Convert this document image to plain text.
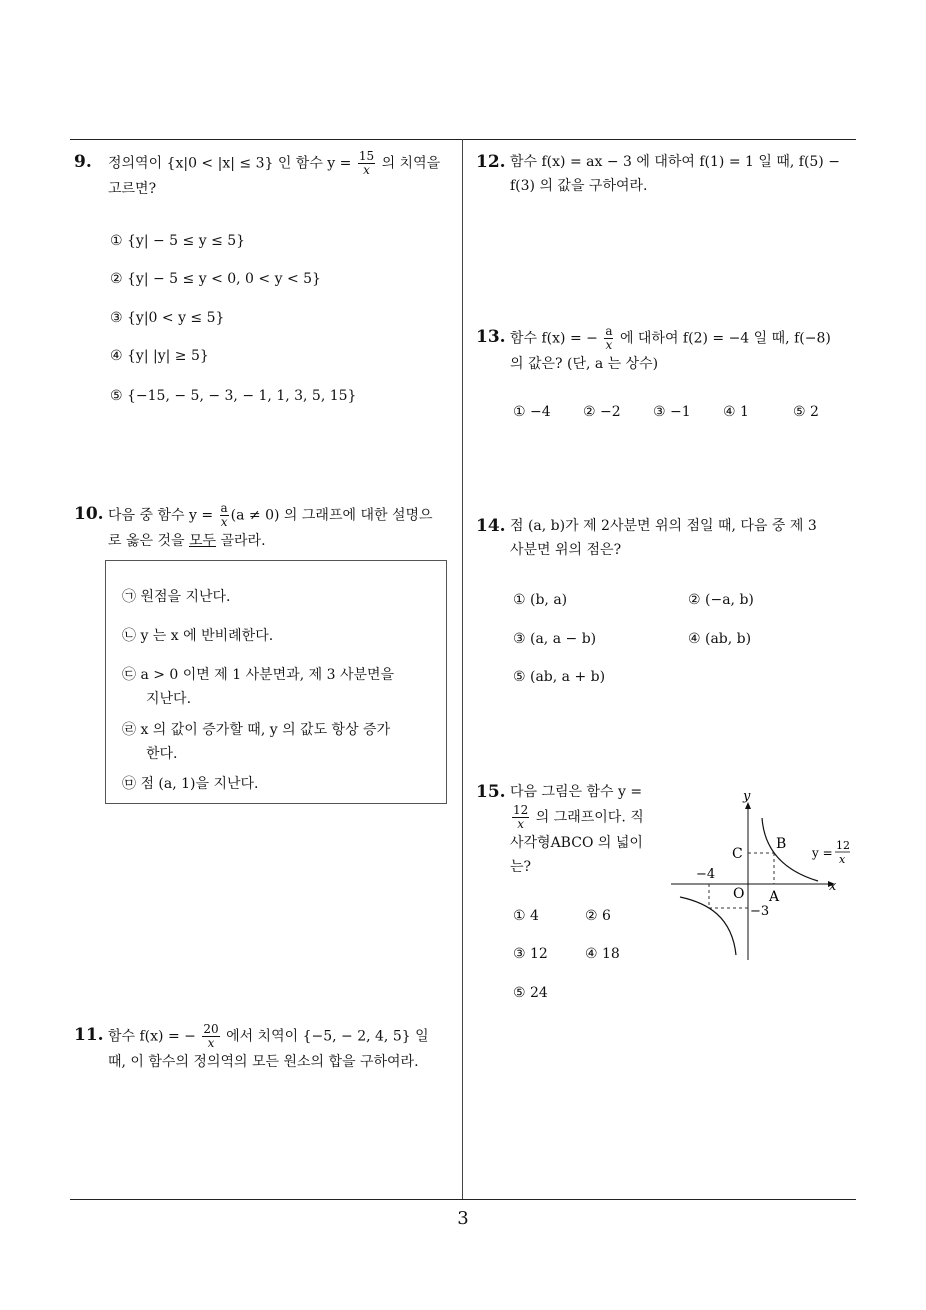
3
9. 정의역이 {x|0 < |x| ≤ 3} 인 함수 $y = \frac{15}{x}$ 의 치역을
고르면?
① {y| − 5 ≤ y ≤ 5}
② {y| − 5 ≤ y < 0, 0 < y < 5}
③ {y|0 < y ≤ 5}
④ {y| |y| ≥ 5}
⑤ {−15, − 5, − 3, − 1, 1, 3, 5, 15}
10. 다음 중 함수 $y = \frac{a}{x} (a \ne 0)$ 의 그래프에 대한 설명으
로 옳은 것을 모두 골라라.
㉠ 원점을 지난다.
㉡ y 는 x 에 반비례한다.
㉢ a > 0 이면 제 1 사분면과, 제 3 사분면을
지난다.
㉣ x 의 값이 증가할 때, y 의 값도 항상 증가
한다.
㉤ 점 (a, 1)을 지난다.
11. 함수 f(x) = − $\frac{20}{x}$ 에서 치역이 {−5, − 2, 4, 5} 일
때, 이 함수의 정의역의 모든 원소의 합을 구하여라.
12. 함수 f(x) = ax − 3 에 대하여 f(1) = 1 일 때, f(5) −
f(3) 의 값을 구하여라.
13. 함수 f(x) = − $\frac{a}{x}$ 에 대하여 f(2) = −4 일 때, f(−8)
의 값은? (단, a 는 상수)
① −4 ② −2 ③ −1 ④ 1	⑤ 2
14. 점 (a, b)가 제 2사분면 위의 점일 때, 다음 중 제 3
사분면 위의 점은?
① (b, a)	② (−a, b)
③ (a, a − b)	④ (ab, b)
⑤ (ab, a + b)
15. 다음 그림은 함수 y =

$\frac{12}{x}$ 의 그래프이다. 직
사각형ABCO 의 넓이
는?
① 4	② 6
③ 12	④ 18
⑤ 24
y
x
B
C
O A
−4
−3
y =
12
x
